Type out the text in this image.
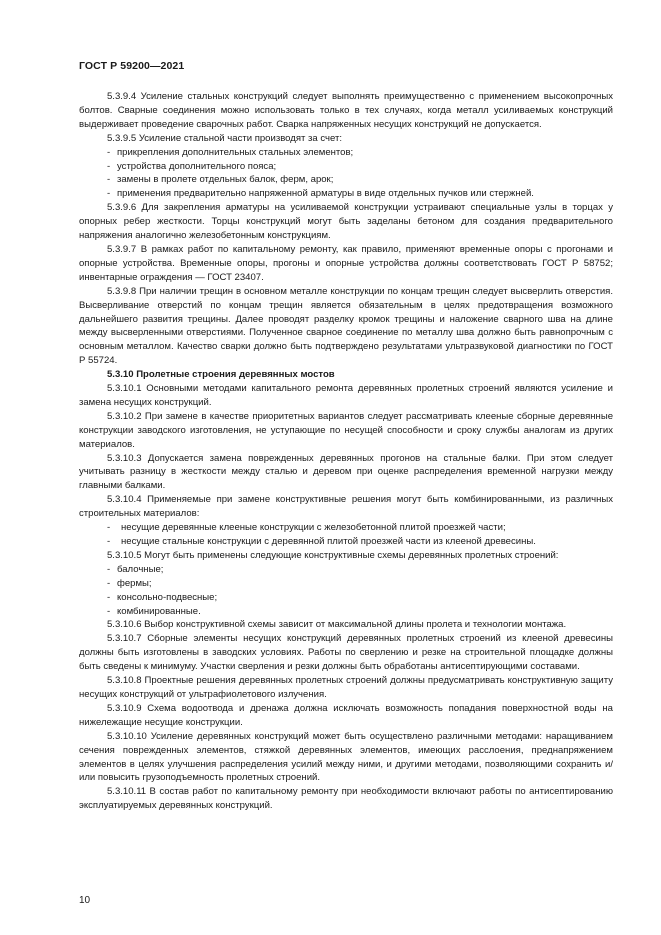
ГОСТ Р 59200—2021
5.3.9.4 Усиление стальных конструкций следует выполнять преимущественно с применением высокопрочных болтов. Сварные соединения можно использовать только в тех случаях, когда металл усиливаемых конструкций выдерживает проведение сварочных работ. Сварка напряженных несущих конструкций не допускается.
5.3.9.5 Усиление стальной части производят за счет:
- прикрепления дополнительных стальных элементов;
- устройства дополнительного пояса;
- замены в пролете отдельных балок, ферм, арок;
- применения предварительно напряженной арматуры в виде отдельных пучков или стержней.
5.3.9.6 Для закрепления арматуры на усиливаемой конструкции устраивают специальные узлы в торцах у опорных ребер жесткости. Торцы конструкций могут быть заделаны бетоном для создания предварительного напряжения аналогично железобетонным конструкциям.
5.3.9.7 В рамках работ по капитальному ремонту, как правило, применяют временные опоры с прогонами и опорные устройства. Временные опоры, прогоны и опорные устройства должны соответствовать ГОСТ Р 58752; инвентарные ограждения — ГОСТ 23407.
5.3.9.8 При наличии трещин в основном металле конструкции по концам трещин следует высверлить отверстия. Высверливание отверстий по концам трещин является обязательным в целях предотвращения возможного дальнейшего развития трещины. Далее проводят разделку кромок трещины и наложение сварного шва на длине между высверленными отверстиями. Полученное сварное соединение по металлу шва должно быть равнопрочным с основным металлом. Качество сварки должно быть подтверждено результатами ультразвуковой диагностики по ГОСТ Р 55724.
5.3.10 Пролетные строения деревянных мостов
5.3.10.1 Основными методами капитального ремонта деревянных пролетных строений являются усиление и замена несущих конструкций.
5.3.10.2 При замене в качестве приоритетных вариантов следует рассматривать клееные сборные деревянные конструкции заводского изготовления, не уступающие по несущей способности и сроку службы аналогам из других материалов.
5.3.10.3 Допускается замена поврежденных деревянных прогонов на стальные балки. При этом следует учитывать разницу в жесткости между сталью и деревом при оценке распределения временной нагрузки между главными балками.
5.3.10.4 Применяемые при замене конструктивные решения могут быть комбинированными, из различных строительных материалов:
- несущие деревянные клееные конструкции с железобетонной плитой проезжей части;
- несущие стальные конструкции с деревянной плитой проезжей части из клееной древесины.
5.3.10.5 Могут быть применены следующие конструктивные схемы деревянных пролетных строений:
- балочные;
- фермы;
- консольно-подвесные;
- комбинированные.
5.3.10.6 Выбор конструктивной схемы зависит от максимальной длины пролета и технологии монтажа.
5.3.10.7 Сборные элементы несущих конструкций деревянных пролетных строений из клееной древесины должны быть изготовлены в заводских условиях. Работы по сверлению и резке на строительной площадке должны быть сведены к минимуму. Участки сверления и резки должны быть обработаны антисептирующими составами.
5.3.10.8 Проектные решения деревянных пролетных строений должны предусматривать конструктивную защиту несущих конструкций от ультрафиолетового излучения.
5.3.10.9 Схема водоотвода и дренажа должна исключать возможность попадания поверхностной воды на нижележащие несущие конструкции.
5.3.10.10 Усиление деревянных конструкций может быть осуществлено различными методами: наращиванием сечения поврежденных элементов, стяжкой деревянных элементов, имеющих расслоения, преднапряжением элементов в целях улучшения распределения усилий между ними, и другими методами, позволяющими сохранить и/или повысить грузоподъемность пролетных строений.
5.3.10.11 В состав работ по капитальному ремонту при необходимости включают работы по антисептированию эксплуатируемых деревянных конструкций.
10
